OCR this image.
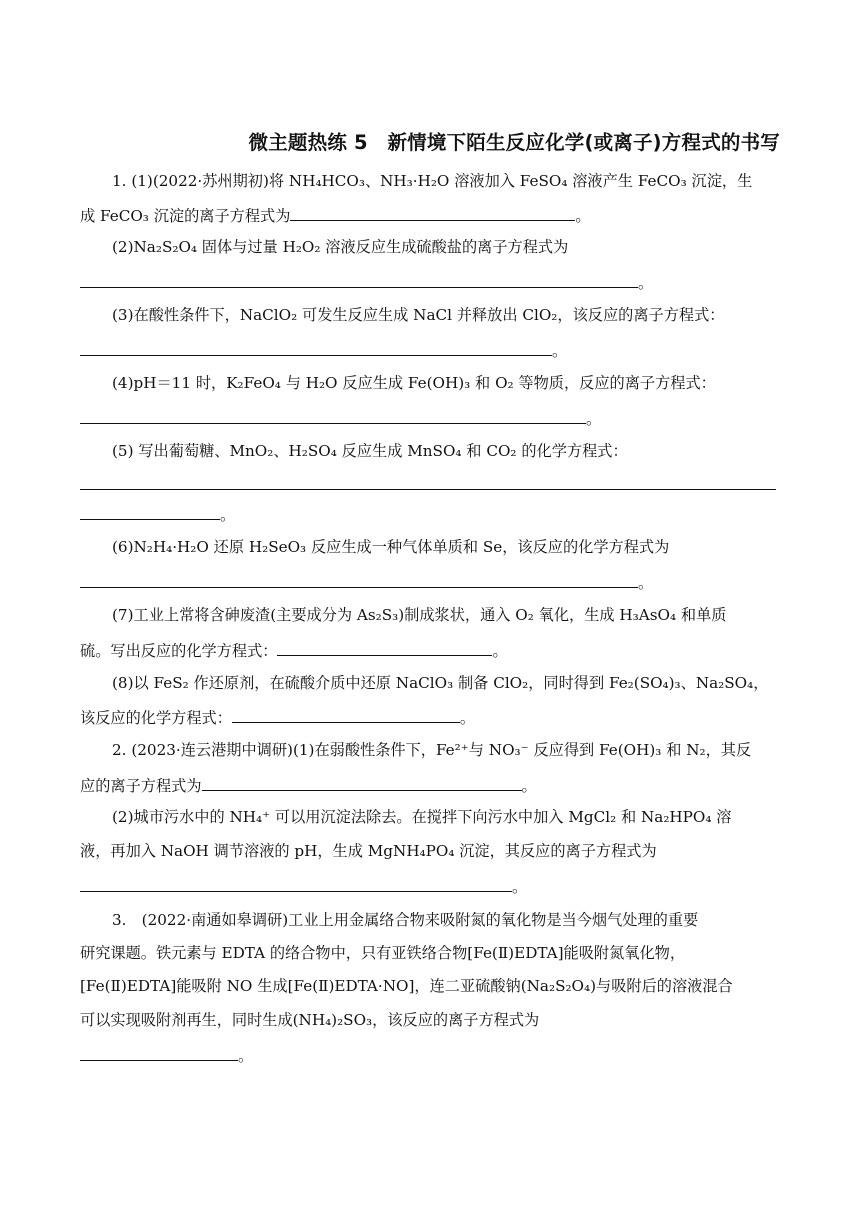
微主题热练 5　新情境下陌生反应化学(或离子)方程式的书写
1. (1)(2022·苏州期初)将 NH₄HCO₃、NH₃·H₂O 溶液加入 FeSO₄ 溶液产生 FeCO₃ 沉淀，生
成 FeCO₃ 沉淀的离子方程式为	。
(2)Na₂S₂O₄ 固体与过量 H₂O₂ 溶液反应生成硫酸盐的离子方程式为
。
(3)在酸性条件下，NaClO₂ 可发生反应生成 NaCl 并释放出 ClO₂，该反应的离子方程式：
。
(4)pH＝11 时，K₂FeO₄ 与 H₂O 反应生成 Fe(OH)₃ 和 O₂ 等物质，反应的离子方程式：
。
(5) 写出葡萄糖、MnO₂、H₂SO₄ 反应生成 MnSO₄ 和 CO₂ 的化学方程式：
。
(6)N₂H₄·H₂O 还原 H₂SeO₃ 反应生成一种气体单质和 Se，该反应的化学方程式为
。
(7)工业上常将含砷废渣(主要成分为 As₂S₃)制成浆状，通入 O₂ 氧化，生成 H₃AsO₄ 和单质
硫。写出反应的化学方程式：	。
(8)以 FeS₂ 作还原剂，在硫酸介质中还原 NaClO₃ 制备 ClO₂，同时得到 Fe₂(SO₄)₃、Na₂SO₄，
该反应的化学方程式：	。
2. (2023·连云港期中调研)(1)在弱酸性条件下，Fe²⁺与 NO₃⁻ 反应得到 Fe(OH)₃ 和 N₂，其反
应的离子方程式为	。
(2)城市污水中的 NH₄⁺ 可以用沉淀法除去。在搅拌下向污水中加入 MgCl₂ 和 Na₂HPO₄ 溶
液，再加入 NaOH 调节溶液的 pH，生成 MgNH₄PO₄ 沉淀，其反应的离子方程式为
。
3.　(2022·南通如皋调研)工业上用金属络合物来吸附氮的氧化物是当今烟气处理的重要
研究课题。铁元素与 EDTA 的络合物中，只有亚铁络合物[Fe(Ⅱ)EDTA]能吸附氮氧化物，
[Fe(Ⅱ)EDTA]能吸附 NO 生成[Fe(Ⅱ)EDTA·NO]，连二亚硫酸钠(Na₂S₂O₄)与吸附后的溶液混合
可以实现吸附剂再生，同时生成(NH₄)₂SO₃，该反应的离子方程式为
。
